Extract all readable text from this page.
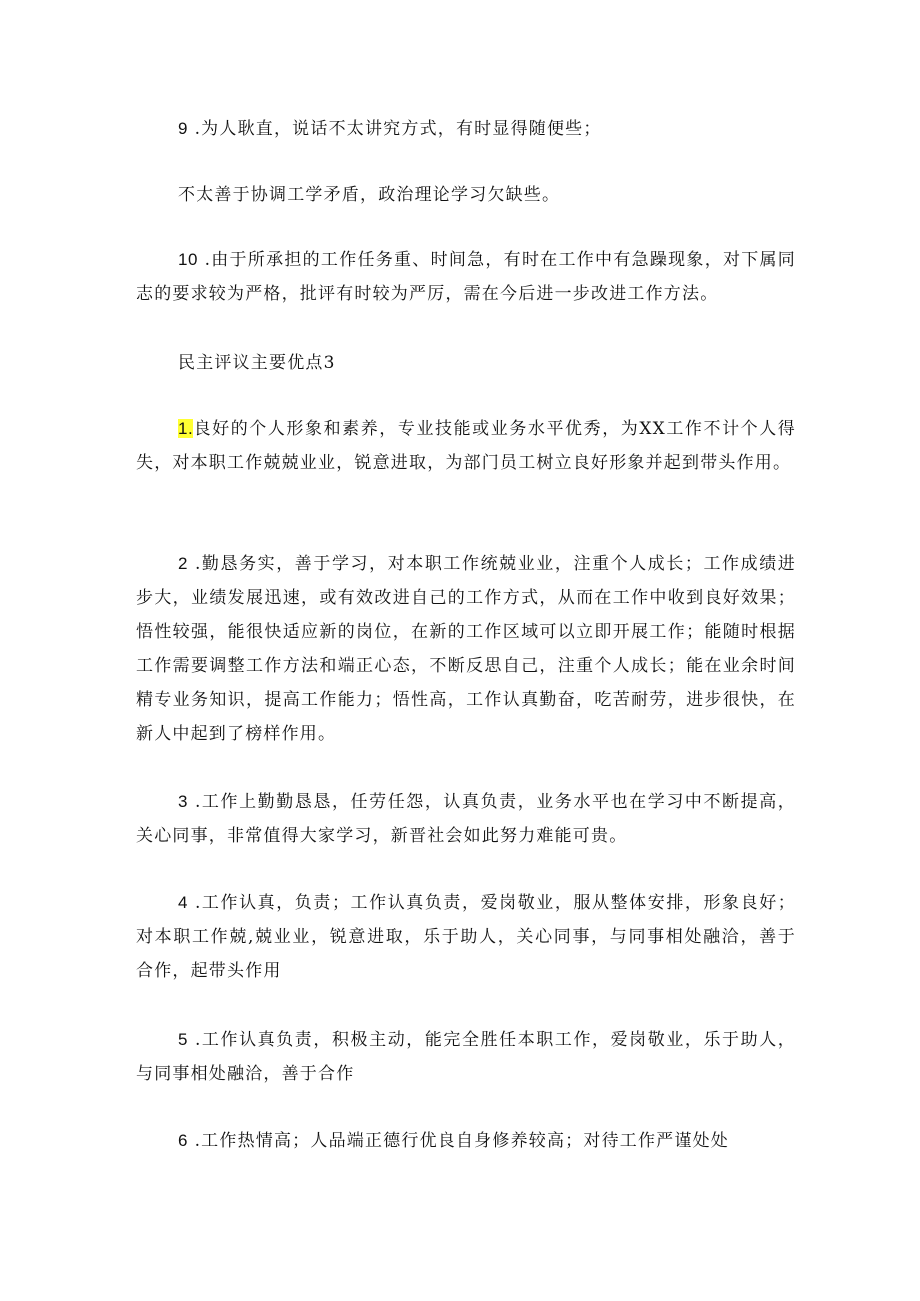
9 .为人耿直，说话不太讲究方式，有时显得随便些；

不太善于协调工学矛盾，政治理论学习欠缺些。

10 .由于所承担的工作任务重、时间急，有时在工作中有急躁现象，对下属同志的要求较为严格，批评有时较为严厉，需在今后进一步改进工作方法。

民主评议主要优点3

1.良好的个人形象和素养，专业技能或业务水平优秀，为XX工作不计个人得失，对本职工作兢兢业业，锐意进取，为部门员工树立良好形象并起到带头作用。

2 .勤恳务实，善于学习，对本职工作统兢业业，注重个人成长；工作成绩进步大，业绩发展迅速，或有效改进自己的工作方式，从而在工作中收到良好效果；悟性较强，能很快适应新的岗位，在新的工作区域可以立即开展工作；能随时根据工作需要调整工作方法和端正心态，不断反思自己，注重个人成长；能在业余时间精专业务知识，提高工作能力；悟性高，工作认真勤奋，吃苦耐劳，进步很快，在新人中起到了榜样作用。

3 .工作上勤勤恳恳，任劳任怨，认真负责，业务水平也在学习中不断提高，关心同事，非常值得大家学习，新晋社会如此努力难能可贵。

4 .工作认真，负责；工作认真负责，爱岗敬业，服从整体安排，形象良好；对本职工作兢,兢业业，锐意进取，乐于助人，关心同事，与同事相处融洽，善于合作，起带头作用

5 .工作认真负责，积极主动，能完全胜任本职工作，爱岗敬业，乐于助人，与同事相处融洽，善于合作

6 .工作热情高；人品端正德行优良自身修养较高；对待工作严谨处处
